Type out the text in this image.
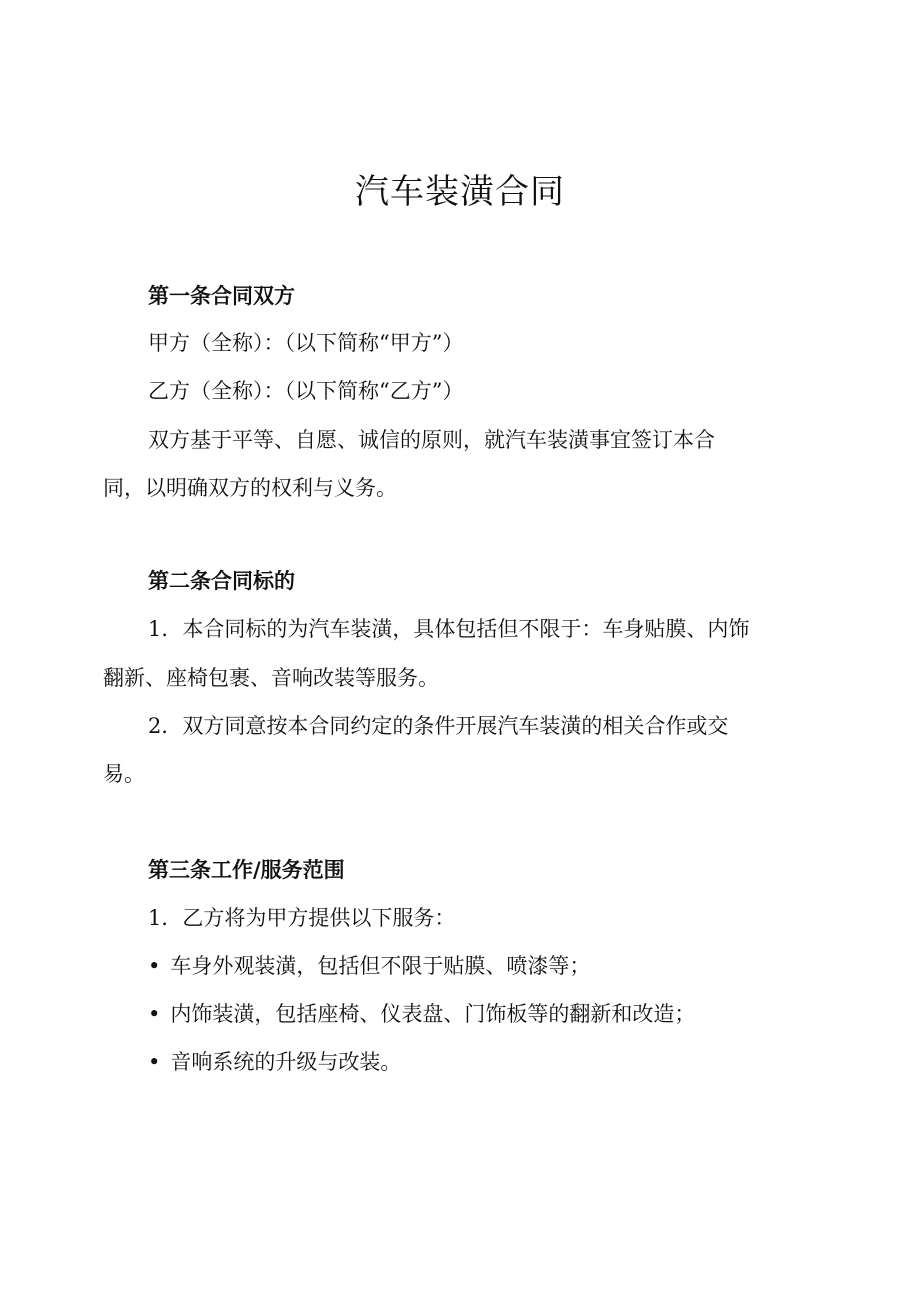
汽车装潢合同
第一条合同双方
甲方（全称）：（以下简称“甲方”）
乙方（全称）：（以下简称“乙方”）
双方基于平等、自愿、诚信的原则，就汽车装潢事宜签订本合
同，以明确双方的权利与义务。
第二条合同标的
1．本合同标的为汽车装潢，具体包括但不限于：车身贴膜、内饰
翻新、座椅包裹、音响改装等服务。
2．双方同意按本合同约定的条件开展汽车装潢的相关合作或交
易。
第三条工作/服务范围
1．乙方将为甲方提供以下服务：
• 车身外观装潢，包括但不限于贴膜、喷漆等；
• 内饰装潢，包括座椅、仪表盘、门饰板等的翻新和改造；
• 音响系统的升级与改装。
